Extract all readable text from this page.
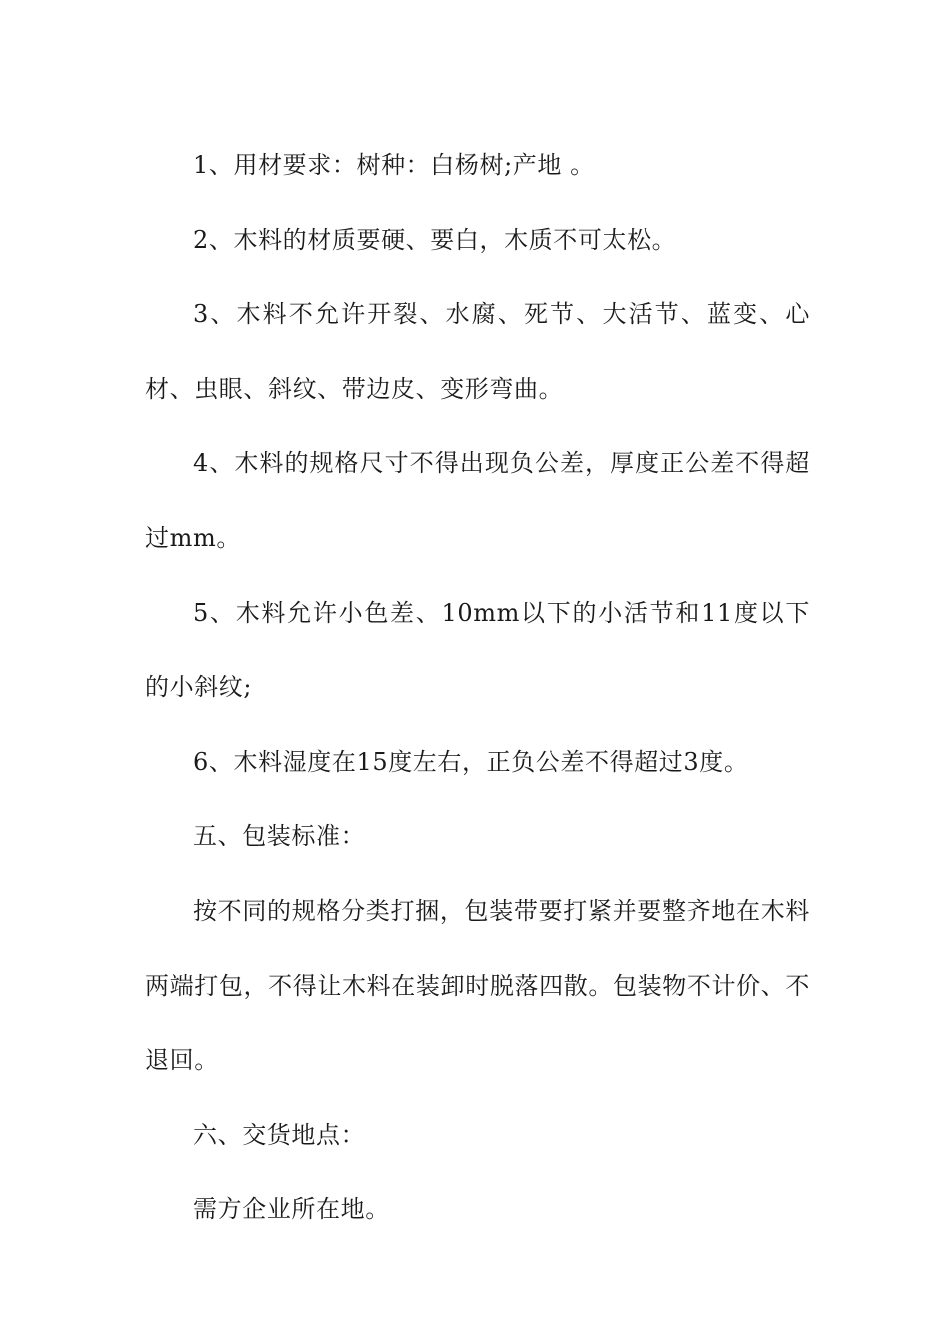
1、用材要求：树种：白杨树;产地 。

2、木料的材质要硬、要白，木质不可太松。

3、木料不允许开裂、水腐、死节、大活节、蓝变、心材、虫眼、斜纹、带边皮、变形弯曲。

4、木料的规格尺寸不得出现负公差，厚度正公差不得超过mm。

5、木料允许小色差、10mm以下的小活节和11度以下的小斜纹;

6、木料湿度在15度左右，正负公差不得超过3度。

五、包装标准：

按不同的规格分类打捆，包装带要打紧并要整齐地在木料两端打包，不得让木料在装卸时脱落四散。包装物不计价、不退回。

六、交货地点：

需方企业所在地。
